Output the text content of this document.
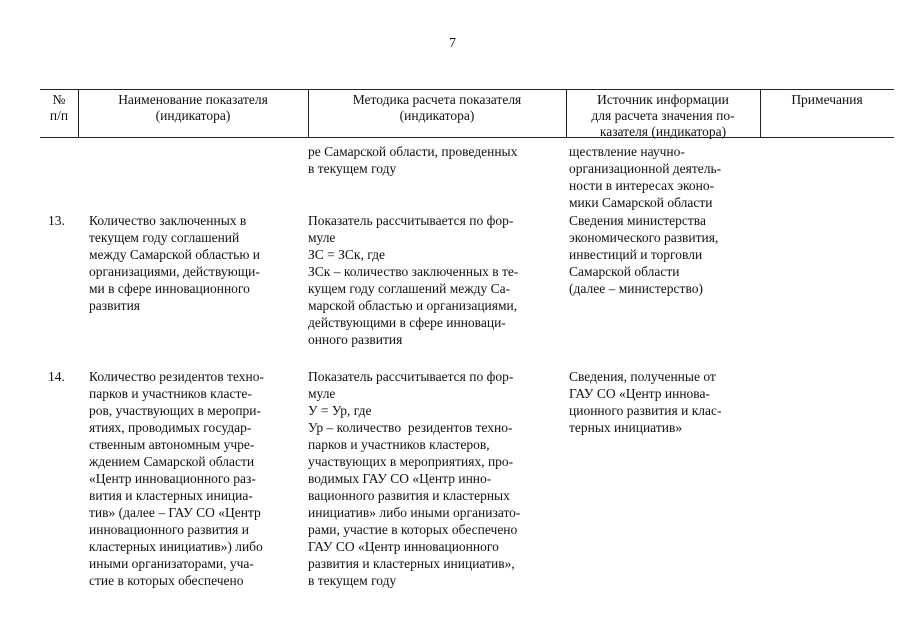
7
№
п/п
Наименование показателя
(индикатора)
Методика расчета показателя
(индикатора)
Источник информации
для расчета значения по-
казателя (индикатора)
Примечания
ре Самарской области, проведенных
в текущем году
ществление научно-
организационной деятель-
ности в интересах эконо-
мики Самарской области
13. Количество заключенных в
текущем году соглашений
между Самарской областью и
организациями, действующи-
ми в сфере инновационного
развития
Показатель рассчитывается по фор-
муле
ЗС = ЗСк, где
ЗСк – количество заключенных в те-
кущем году соглашений между Са-
марской областью и организациями,
действующими в сфере инноваци-
онного развития
Сведения министерства
экономического развития,
инвестиций и торговли
Самарской области
(далее – министерство)
14. Количество резидентов техно-
парков и участников класте-
ров, участвующих в меропри-
ятиях, проводимых государ-
ственным автономным учре-
ждением Самарской области
«Центр инновационного раз-
вития и кластерных инициа-
тив» (далее – ГАУ СО «Центр
инновационного развития и
кластерных инициатив») либо
иными организаторами, уча-
стие в которых обеспечено
Показатель рассчитывается по фор-
муле
У = Ур, где
Ур – количество  резидентов техно-
парков и участников кластеров,
участвующих в мероприятиях, про-
водимых ГАУ СО «Центр инно-
вационного развития и кластерных
инициатив» либо иными организато-
рами, участие в которых обеспечено
ГАУ СО «Центр инновационного
развития и кластерных инициатив»,
в текущем году
Сведения, полученные от
ГАУ СО «Центр иннова-
ционного развития и клас-
терных инициатив»
